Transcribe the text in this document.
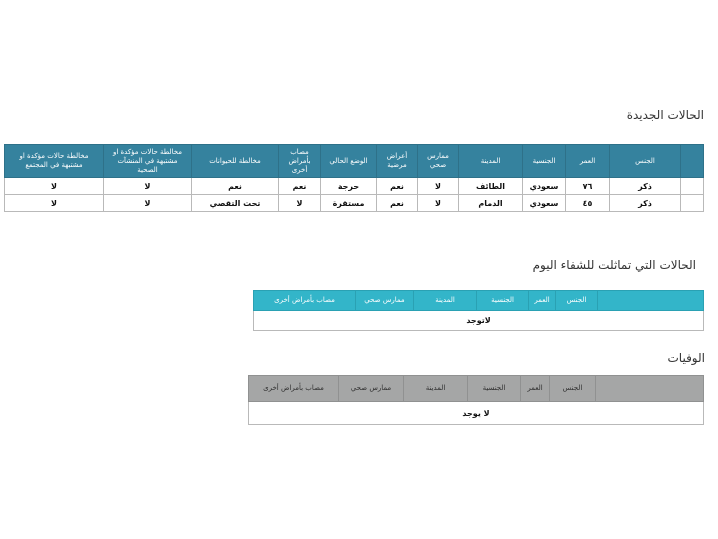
الحالات الجديدة
	الجنس	العمر	الجنسية	المدينة	ممارس صحي	أعراض مرضية	الوضع الحالي	مصاب بأمراض أخرى	مخالطة للحيوانات	مخالطة حالات مؤكدة او مشتبهة في المنشآت الصحية	مخالطة حالات مؤكدة او مشتبهة في المجتمع
	ذكر	٧٦	سعودي	الطائف	لا	نعم	حرجة	نعم	نعم	لا	لا
	ذكر	٤٥	سعودي	الدمام	لا	نعم	مستقرة	لا	تحت التقصي	لا	لا
الحالات التي تماثلت للشفاء اليوم
	الجنس	العمر	الجنسية	المدينة	ممارس صحي	مصاب بأمراض أخرى
لاتوجد
الوفيات
	الجنس	العمر	الجنسية	المدينة	ممارس صحي	مصاب بأمراض أخرى
لا يوجد
